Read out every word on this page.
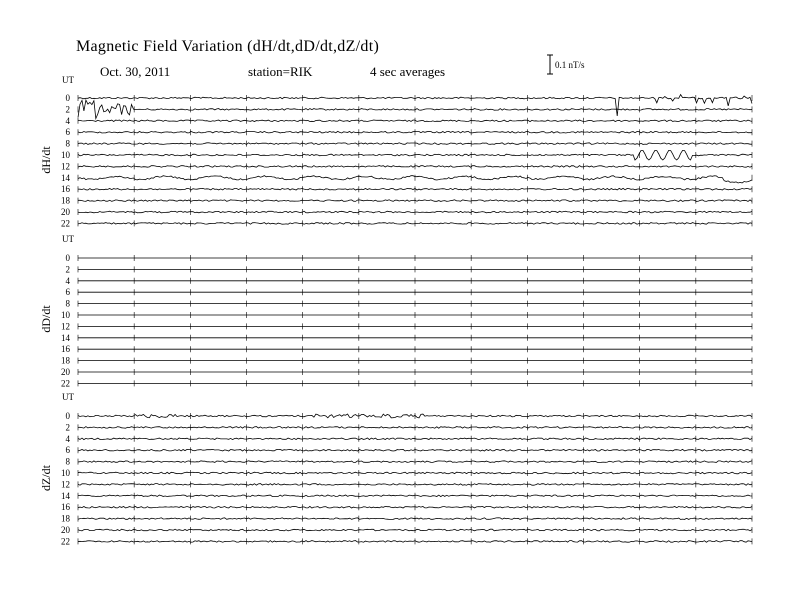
Magnetic Field Variation (dH/dt,dD/dt,dZ/dt)
Oct. 30, 2011	station=RIK	4 sec averages	0.1 nT/s
UT
dH/dt
0
2
4
6
8
10
12
14
16
18
20
22
UT
dD/dt
0
2
4
6
8
10
12
14
16
18
20
22
UT
dZ/dt
0
2
4
6
8
10
12
14
16
18
20
22
